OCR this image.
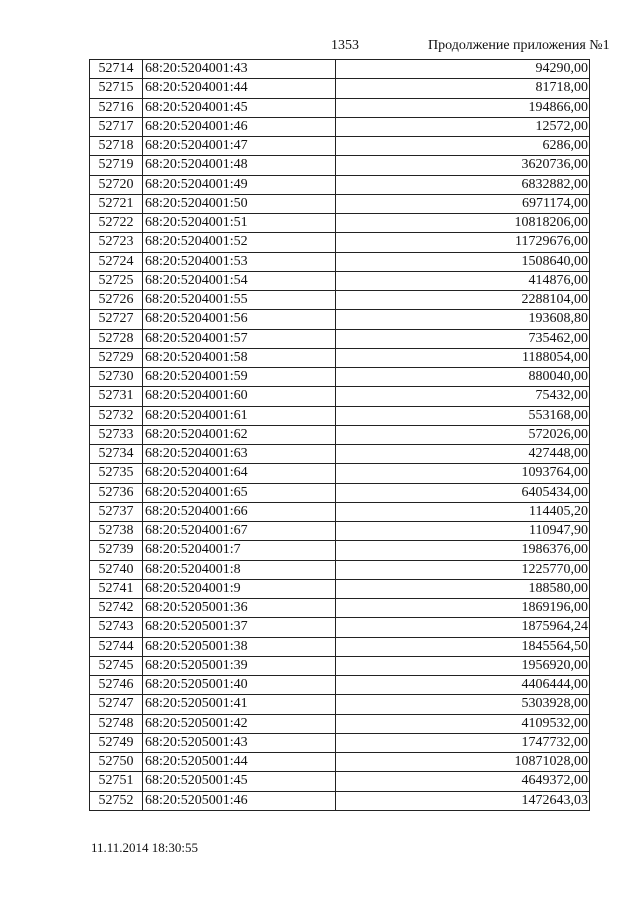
1353	Продолжение приложения №1
52714	68:20:5204001:43	94290,00
52715	68:20:5204001:44	81718,00
52716	68:20:5204001:45	194866,00
52717	68:20:5204001:46	12572,00
52718	68:20:5204001:47	6286,00
52719	68:20:5204001:48	3620736,00
52720	68:20:5204001:49	6832882,00
52721	68:20:5204001:50	6971174,00
52722	68:20:5204001:51	10818206,00
52723	68:20:5204001:52	11729676,00
52724	68:20:5204001:53	1508640,00
52725	68:20:5204001:54	414876,00
52726	68:20:5204001:55	2288104,00
52727	68:20:5204001:56	193608,80
52728	68:20:5204001:57	735462,00
52729	68:20:5204001:58	1188054,00
52730	68:20:5204001:59	880040,00
52731	68:20:5204001:60	75432,00
52732	68:20:5204001:61	553168,00
52733	68:20:5204001:62	572026,00
52734	68:20:5204001:63	427448,00
52735	68:20:5204001:64	1093764,00
52736	68:20:5204001:65	6405434,00
52737	68:20:5204001:66	114405,20
52738	68:20:5204001:67	110947,90
52739	68:20:5204001:7	1986376,00
52740	68:20:5204001:8	1225770,00
52741	68:20:5204001:9	188580,00
52742	68:20:5205001:36	1869196,00
52743	68:20:5205001:37	1875964,24
52744	68:20:5205001:38	1845564,50
52745	68:20:5205001:39	1956920,00
52746	68:20:5205001:40	4406444,00
52747	68:20:5205001:41	5303928,00
52748	68:20:5205001:42	4109532,00
52749	68:20:5205001:43	1747732,00
52750	68:20:5205001:44	10871028,00
52751	68:20:5205001:45	4649372,00
52752	68:20:5205001:46	1472643,03
11.11.2014 18:30:55
